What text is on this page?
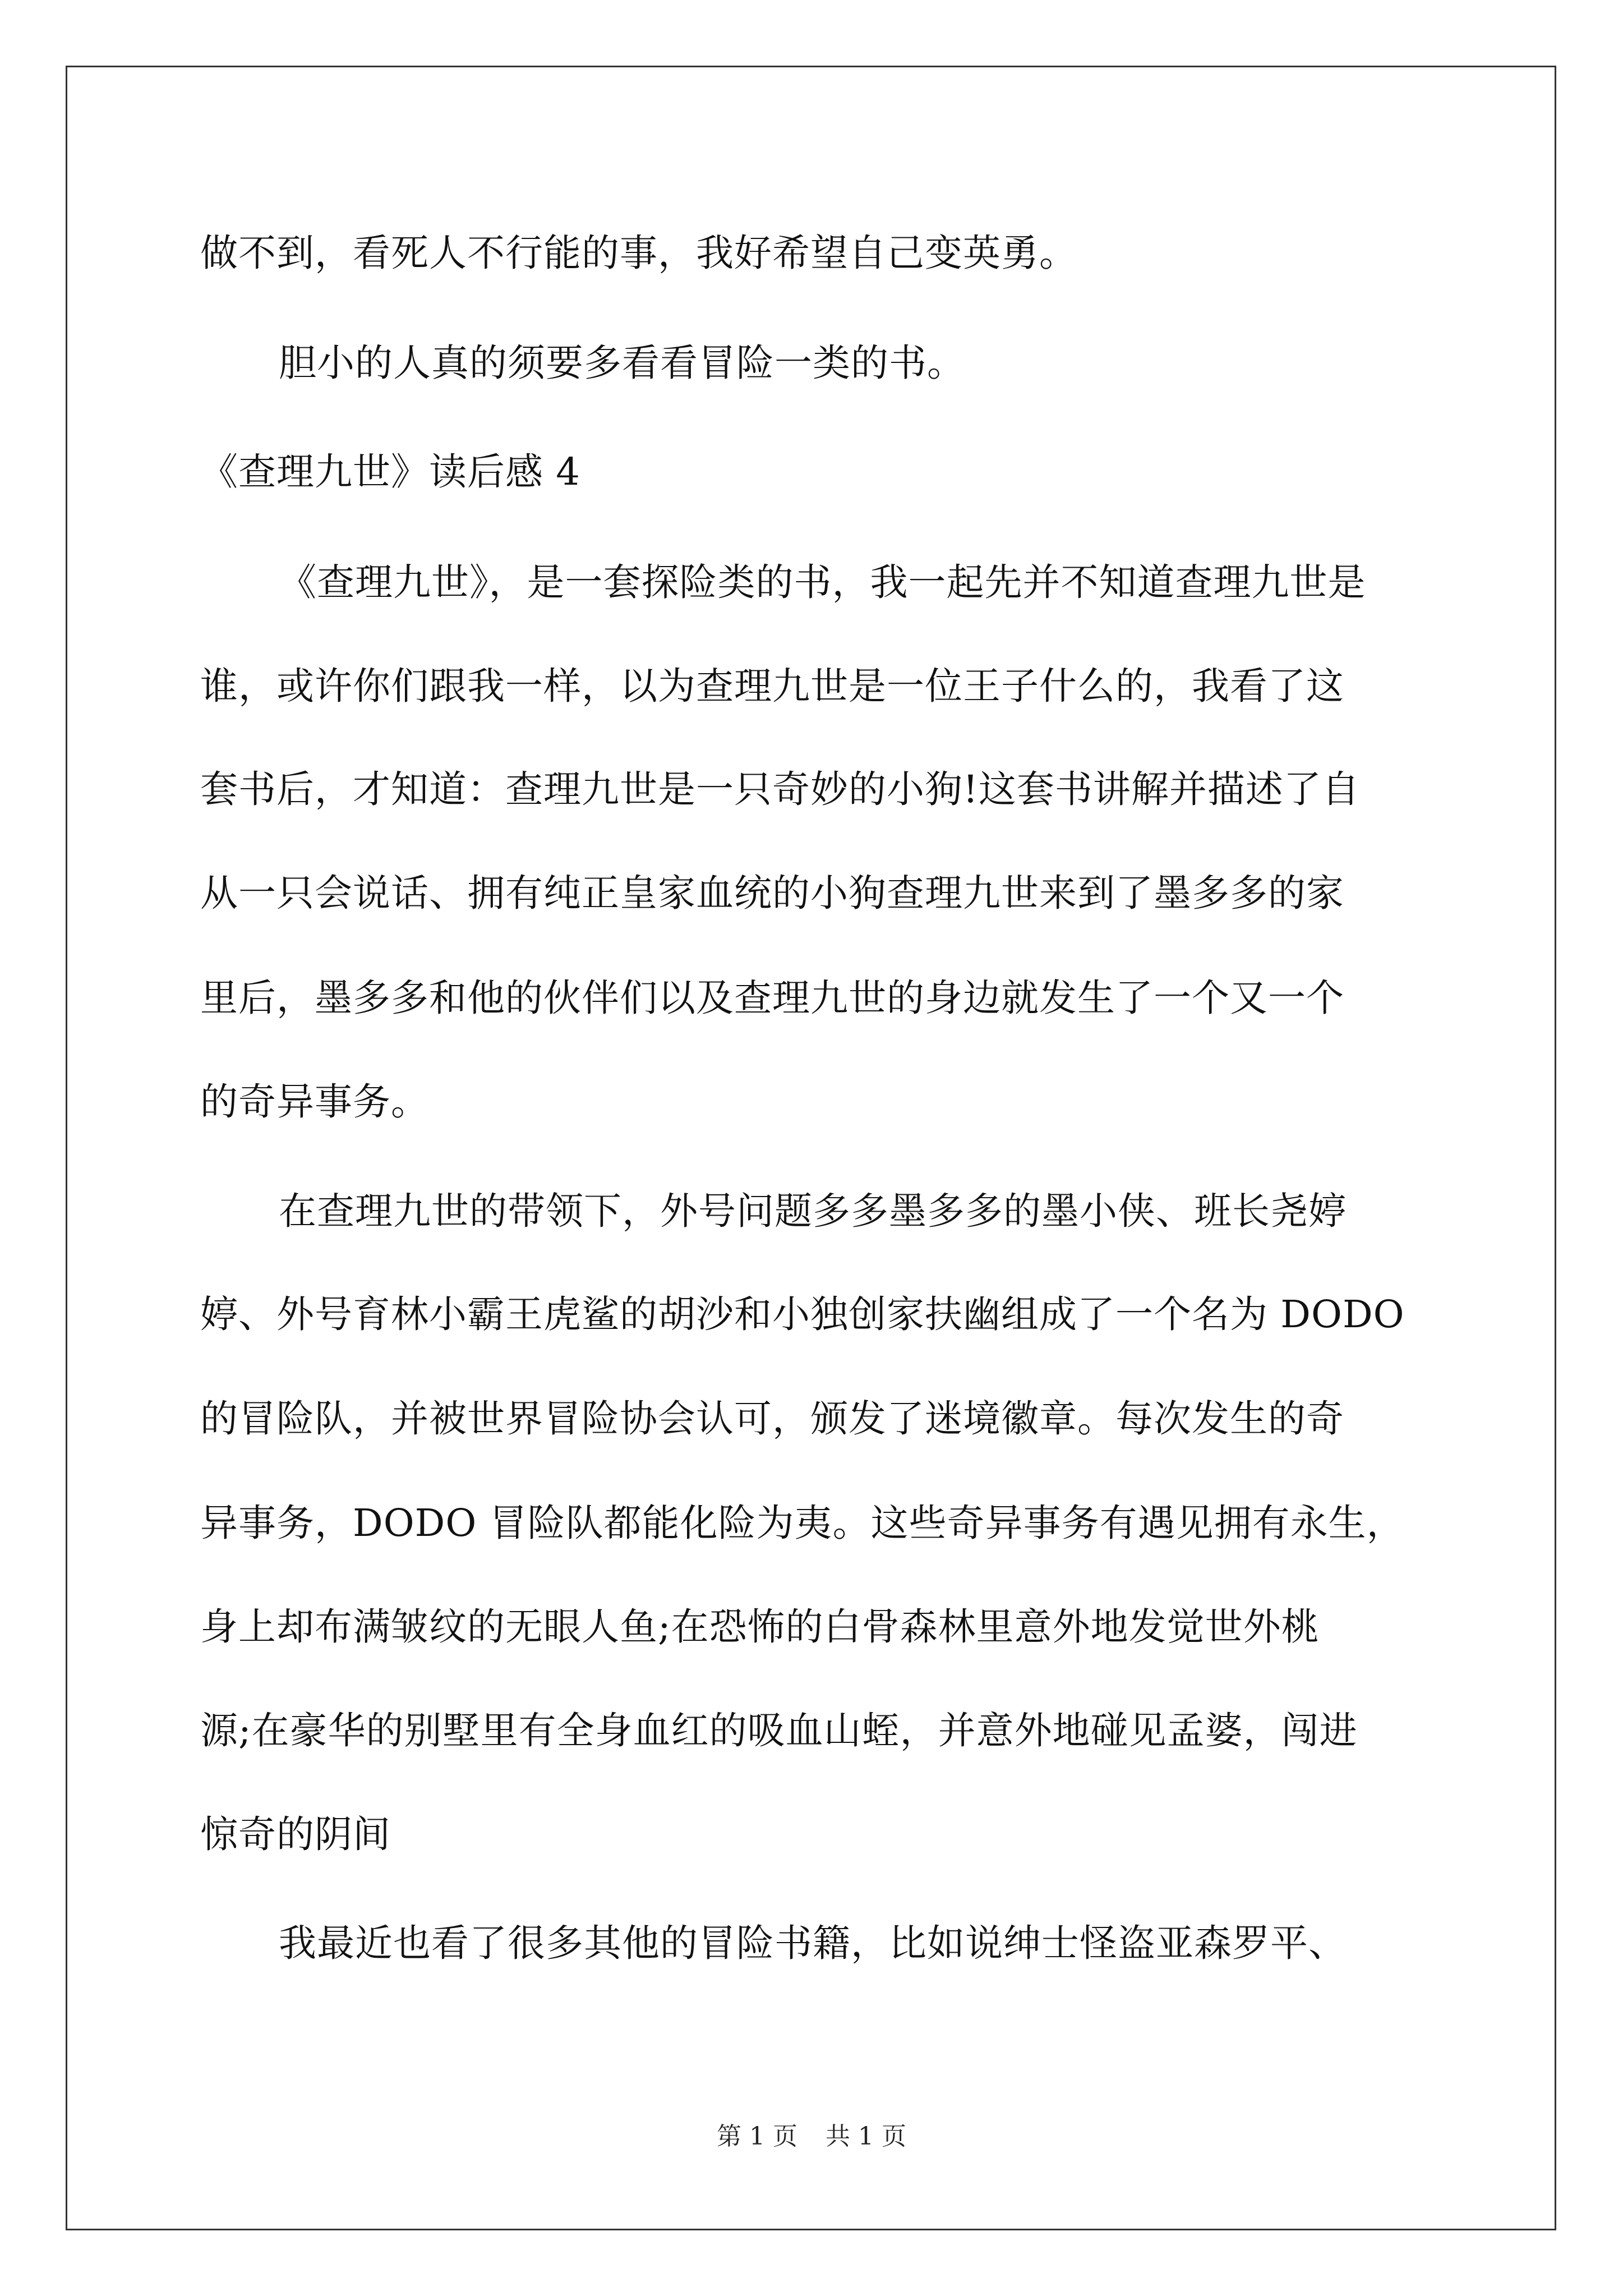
做不到，看死人不行能的事，我好希望自己变英勇。
胆小的人真的须要多看看冒险一类的书。
《查理九世》读后感 4
《查理九世》，是一套探险类的书，我一起先并不知道查理九世是
谁，或许你们跟我一样，以为查理九世是一位王子什么的，我看了这
套书后，才知道：查理九世是一只奇妙的小狗!这套书讲解并描述了自
从一只会说话、拥有纯正皇家血统的小狗查理九世来到了墨多多的家
里后，墨多多和他的伙伴们以及查理九世的身边就发生了一个又一个
的奇异事务。
在查理九世的带领下，外号问题多多墨多多的墨小侠、班长尧婷
婷、外号育林小霸王虎鲨的胡沙和小独创家扶幽组成了一个名为 DODO
的冒险队，并被世界冒险协会认可，颁发了迷境徽章。每次发生的奇
异事务，DODO 冒险队都能化险为夷。这些奇异事务有遇见拥有永生，
身上却布满皱纹的无眼人鱼;在恐怖的白骨森林里意外地发觉世外桃
源;在豪华的别墅里有全身血红的吸血山蛭，并意外地碰见孟婆，闯进
惊奇的阴间
我最近也看了很多其他的冒险书籍，比如说绅士怪盗亚森罗平、
第 1 页 共 1 页
